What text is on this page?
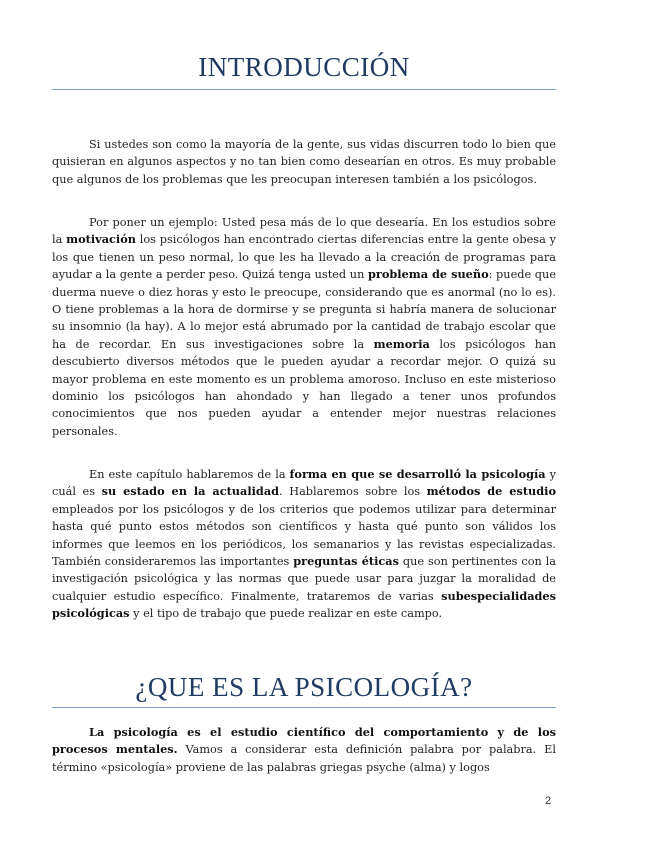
INTRODUCCIÓN

Si ustedes son como la mayoría de la gente, sus vidas discurren todo lo bien que quisieran en algunos aspectos y no tan bien como desearían en otros. Es muy probable que algunos de los problemas que les preocupan interesen también a los psicólogos.

Por poner un ejemplo: Usted pesa más de lo que desearía. En los estudios sobre la motivación los psicólogos han encontrado ciertas diferencias entre la gente obesa y los que tienen un peso normal, lo que les ha llevado a la creación de programas para ayudar a la gente a perder peso. Quizá tenga usted un problema de sueño: puede que duerma nueve o diez horas y esto le preocupe, considerando que es anormal (no lo es). O tiene problemas a la hora de dormirse y se pregunta si habría manera de solucionar su insomnio (la hay). A lo mejor está abrumado por la cantidad de trabajo escolar que ha de recordar. En sus investigaciones sobre la memoria los psicólogos han descubierto diversos métodos que le pueden ayudar a recordar mejor. O quizá su mayor problema en este momento es un problema amoroso. Incluso en este misterioso dominio los psicólogos han ahondado y han llegado a tener unos profundos conocimientos que nos pueden ayudar a entender mejor nuestras relaciones personales.

En este capítulo hablaremos de la forma en que se desarrolló la psicología y cuál es su estado en la actualidad. Hablaremos sobre los métodos de estudio empleados por los psicólogos y de los criterios que podemos utilizar para determinar hasta qué punto estos métodos son científicos y hasta qué punto son válidos los informes que leemos en los periódicos, los semanarios y las revistas especializadas. También consideraremos las importantes preguntas éticas que son pertinentes con la investigación psicológica y las normas que puede usar para juzgar la moralidad de cualquier estudio específico. Finalmente, trataremos de varias subespecialidades psicológicas y el tipo de trabajo que puede realizar en este campo.

¿QUE ES LA PSICOLOGÍA?

La psicología es el estudio científico del comportamiento y de los procesos mentales. Vamos a considerar esta definición palabra por palabra. El término «psicología» proviene de las palabras griegas psyche (alma) y logos

2
